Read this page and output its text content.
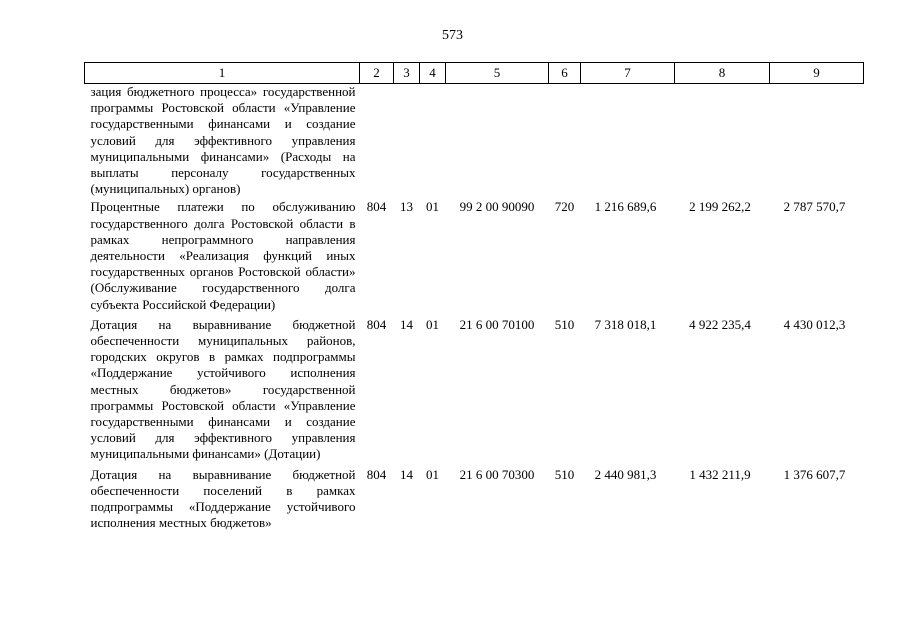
573
1	2	3	4	5	6	7	8	9
зация бюджетного процесса» государственной программы Ростовской области «Управление государственными финансами и создание условий для эффективного управления муниципальными финансами» (Расходы на выплаты персоналу государственных (муниципальных) органов)								
Процентные платежи по обслуживанию государственного долга Ростовской области в рамках непрограммного направления деятельности «Реализация функций иных государственных органов Ростовской области» (Обслуживание государственного долга субъекта Российской Федерации)	804	13	01	99 2 00 90090	720	1 216 689,6	2 199 262,2	2 787 570,7
Дотация на выравнивание бюджетной обеспеченности муниципальных районов, городских округов в рамках подпрограммы «Поддержание устойчивого исполнения местных бюджетов» государственной программы Ростовской области «Управление государственными финансами и создание условий для эффективного управления муниципальными финансами» (Дотации)	804	14	01	21 6 00 70100	510	7 318 018,1	4 922 235,4	4 430 012,3
Дотация на выравнивание бюджетной обеспеченности поселений в рамках подпрограммы «Поддержание устойчивого исполнения местных бюджетов»	804	14	01	21 6 00 70300	510	2 440 981,3	1 432 211,9	1 376 607,7
